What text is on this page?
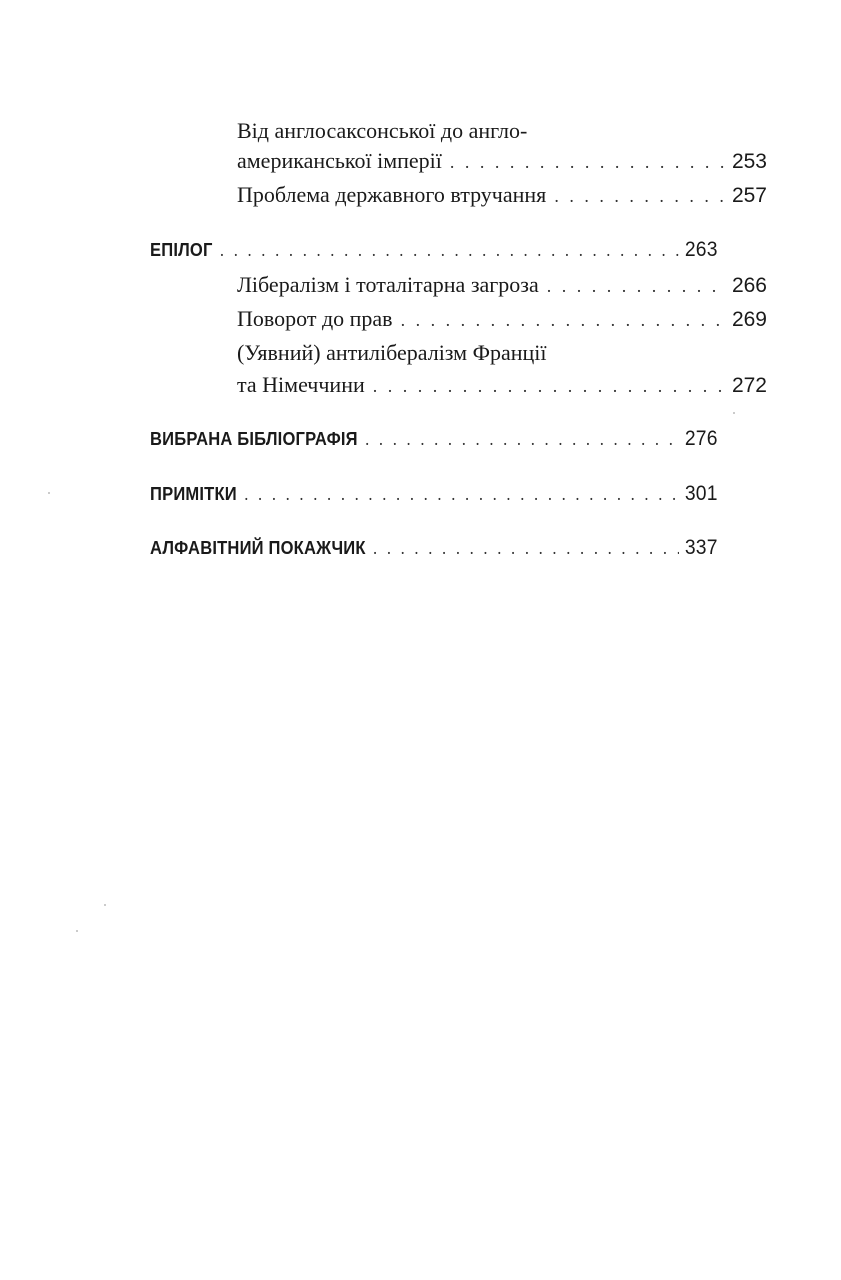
Від англосаксонської до англо-
американської імперії . . .	253
Проблема державного втручання . . .	257
ЕПІЛОГ . . .	263
Лібералізм і тоталітарна загроза . . .	266
Поворот до прав . . .	269
(Уявний) антилібералізм Франції
та Німеччини . . .	272
ВИБРАНА БІБЛІОГРАФІЯ . . .	276
ПРИМІТКИ . . .	301
АЛФАВІТНИЙ ПОКАЖЧИК . . .	337
